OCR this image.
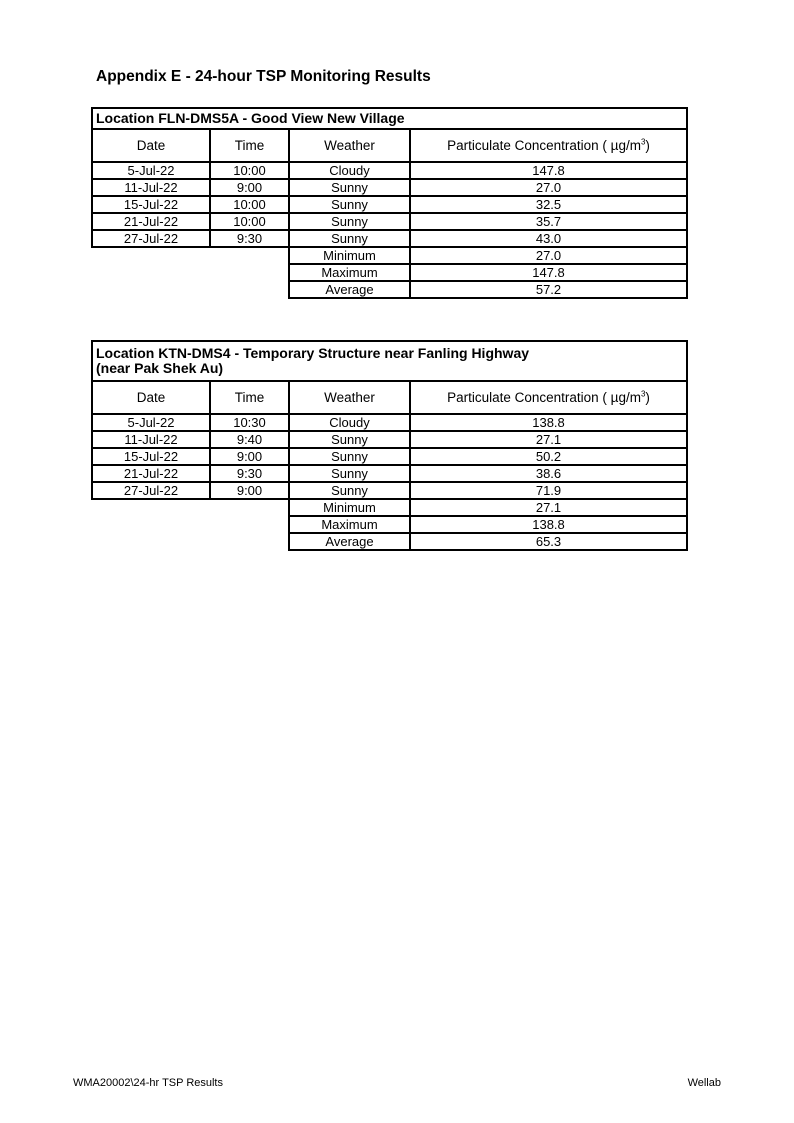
Appendix E - 24-hour TSP Monitoring Results
Location FLN-DMS5A - Good View New Village			
Date	Time	Weather	Particulate Concentration ( $\mu g/m^3$)
5-Jul-22	10:00	Cloudy	147.8
11-Jul-22	9:00	Sunny	27.0
15-Jul-22	10:00	Sunny	32.5
21-Jul-22	10:00	Sunny	35.7
27-Jul-22	9:30	Sunny	43.0
		Minimum	27.0
		Maximum	147.8
		Average	57.2
Location KTN-DMS4 - Temporary Structure near Fanling Highway
(near Pak Shek Au)			

Date	Time	Weather	Particulate Concentration ( $\mu g/m^3$)
5-Jul-22	10:30	Cloudy	138.8
11-Jul-22	9:40	Sunny	27.1
15-Jul-22	9:00	Sunny	50.2
21-Jul-22	9:30	Sunny	38.6
27-Jul-22	9:00	Sunny	71.9
		Minimum	27.1
		Maximum	138.8
		Average	65.3
WMA20002\24-hr TSP Results	Wellab
